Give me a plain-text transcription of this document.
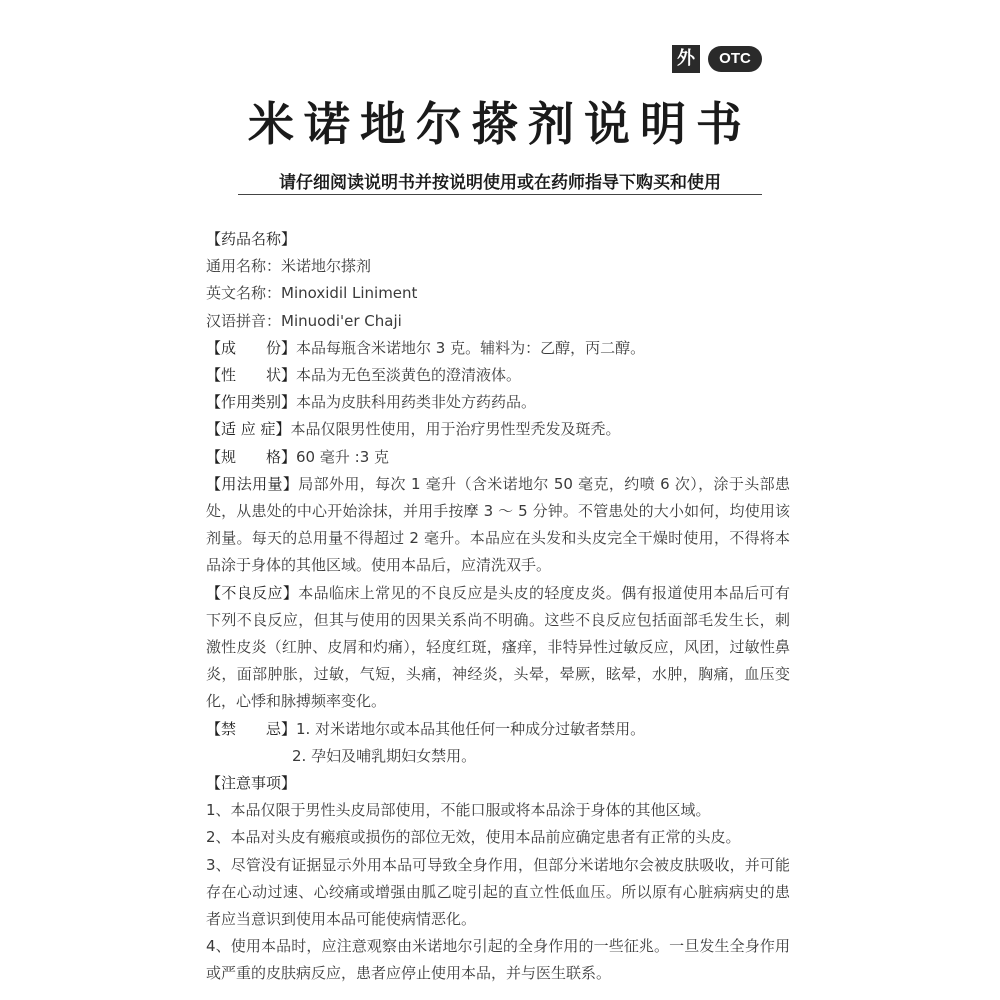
外	OTC
米诺地尔搽剂说明书
请仔细阅读说明书并按说明使用或在药师指导下购买和使用
【药品名称】
通用名称：米诺地尔搽剂
英文名称：Minoxidil Liniment
汉语拼音：Minuodi'er Chaji
【成　　份】本品每瓶含米诺地尔 3 克。辅料为：乙醇，丙二醇。
【性　　状】本品为无色至淡黄色的澄清液体。
【作用类别】本品为皮肤科用药类非处方药药品。
【适 应 症】本品仅限男性使用，用于治疗男性型秃发及斑秃。
【规　　格】60 毫升 :3 克
【用法用量】局部外用，每次 1 毫升（含米诺地尔 50 毫克，约喷 6 次），涂于头部患处，从患处的中心开始涂抹，并用手按摩 3 ～ 5 分钟。不管患处的大小如何，均使用该剂量。每天的总用量不得超过 2 毫升。本品应在头发和头皮完全干燥时使用，不得将本品涂于身体的其他区域。使用本品后，应清洗双手。
【不良反应】本品临床上常见的不良反应是头皮的轻度皮炎。偶有报道使用本品后可有下列不良反应，但其与使用的因果关系尚不明确。这些不良反应包括面部毛发生长，刺激性皮炎（红肿、皮屑和灼痛），轻度红斑，瘙痒，非特异性过敏反应，风团，过敏性鼻炎，面部肿胀，过敏，气短，头痛，神经炎，头晕，晕厥，眩晕，水肿，胸痛，血压变化，心悸和脉搏频率变化。
【禁　　忌】1. 对米诺地尔或本品其他任何一种成分过敏者禁用。
2. 孕妇及哺乳期妇女禁用。
【注意事项】
1、本品仅限于男性头皮局部使用，不能口服或将本品涂于身体的其他区域。
2、本品对头皮有瘢痕或损伤的部位无效，使用本品前应确定患者有正常的头皮。
3、尽管没有证据显示外用本品可导致全身作用，但部分米诺地尔会被皮肤吸收，并可能存在心动过速、心绞痛或增强由胍乙啶引起的直立性低血压。所以原有心脏病病史的患者应当意识到使用本品可能使病情恶化。
4、使用本品时，应注意观察由米诺地尔引起的全身作用的一些征兆。一旦发生全身作用或严重的皮肤病反应，患者应停止使用本品，并与医生联系。
